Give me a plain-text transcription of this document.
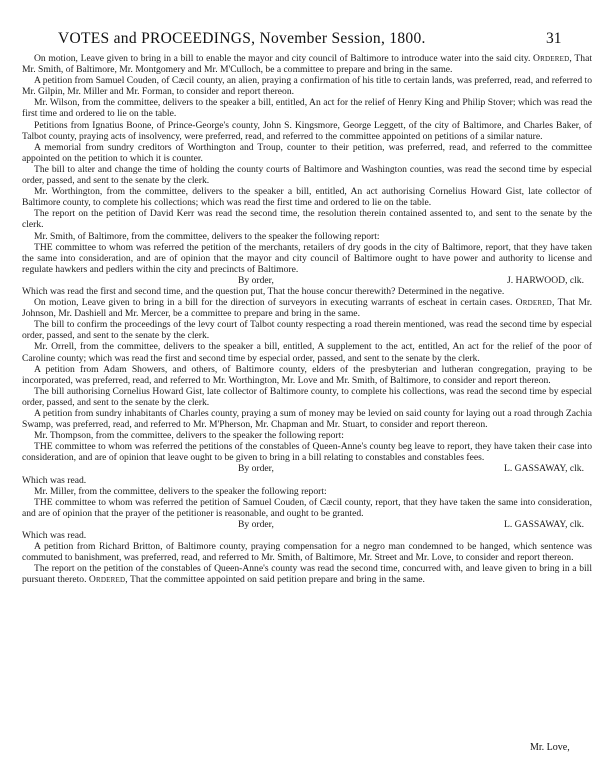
VOTES and PROCEEDINGS, November Session, 1800.	31

On motion, Leave given to bring in a bill to enable the mayor and city council of Baltimore to introduce water into the said city. Ordered, That Mr. Smith, of Baltimore, Mr. Montgomery and Mr. M'Culloch, be a committee to prepare and bring in the same.

A petition from Samuel Couden, of Cæcil county, an alien, praying a confirmation of his title to certain lands, was preferred, read, and referred to Mr. Gilpin, Mr. Miller and Mr. Forman, to consider and report thereon.

Mr. Wilson, from the committee, delivers to the speaker a bill, entitled, An act for the relief of Henry King and Philip Stover; which was read the first time and ordered to lie on the table.

Petitions from Ignatius Boone, of Prince-George's county, John S. Kingsmore, George Leggett, of the city of Baltimore, and Charles Baker, of Talbot county, praying acts of insolvency, were preferred, read, and referred to the committee appointed on petitions of a similar nature.

A memorial from sundry creditors of Worthington and Troup, counter to their petition, was preferred, read, and referred to the committee appointed on the petition to which it is counter.

The bill to alter and change the time of holding the county courts of Baltimore and Washington counties, was read the second time by especial order, passed, and sent to the senate by the clerk.

Mr. Worthington, from the committee, delivers to the speaker a bill, entitled, An act authorising Cornelius Howard Gist, late collector of Baltimore county, to complete his collections; which was read the first time and ordered to lie on the table.

The report on the petition of David Kerr was read the second time, the resolution therein contained assented to, and sent to the senate by the clerk.

Mr. Smith, of Baltimore, from the committee, delivers to the speaker the following report:

THE committee to whom was referred the petition of the merchants, retailers of dry goods in the city of Baltimore, report, that they have taken the same into consideration, and are of opinion that the mayor and city council of Baltimore ought to have power and authority to license and regulate hawkers and pedlers within the city and precincts of Baltimore.

By order,	J. HARWOOD, clk.

Which was read the first and second time, and the question put, That the house concur therewith? Determined in the negative.

On motion, Leave given to bring in a bill for the direction of surveyors in executing warrants of escheat in certain cases. Ordered, That Mr. Johnson, Mr. Dashiell and Mr. Mercer, be a committee to prepare and bring in the same.

The bill to confirm the proceedings of the levy court of Talbot county respecting a road therein mentioned, was read the second time by especial order, passed, and sent to the senate by the clerk.

Mr. Orrell, from the committee, delivers to the speaker a bill, entitled, A supplement to the act, entitled, An act for the relief of the poor of Caroline county; which was read the first and second time by especial order, passed, and sent to the senate by the clerk.

A petition from Adam Showers, and others, of Baltimore county, elders of the presbyterian and lutheran congregation, praying to be incorporated, was preferred, read, and referred to Mr. Worthington, Mr. Love and Mr. Smith, of Baltimore, to consider and report thereon.

The bill authorising Cornelius Howard Gist, late collector of Baltimore county, to complete his collections, was read the second time by especial order, passed, and sent to the senate by the clerk.

A petition from sundry inhabitants of Charles county, praying a sum of money may be levied on said county for laying out a road through Zachia Swamp, was preferred, read, and referred to Mr. M'Pherson, Mr. Chapman and Mr. Stuart, to consider and report thereon.

Mr. Thompson, from the committee, delivers to the speaker the following report:

THE committee to whom was referred the petitions of the constables of Queen-Anne's county beg leave to report, they have taken their case into consideration, and are of opinion that leave ought to be given to bring in a bill relating to constables and constables fees.

By order,	L. GASSAWAY, clk.

Which was read.

Mr. Miller, from the committee, delivers to the speaker the following report:

THE committee to whom was referred the petition of Samuel Couden, of Cæcil county, report, that they have taken the same into consideration, and are of opinion that the prayer of the petitioner is reasonable, and ought to be granted.

By order,	L. GASSAWAY, clk.

Which was read.

A petition from Richard Britton, of Baltimore county, praying compensation for a negro man condemned to be hanged, which sentence was commuted to banishment, was preferred, read, and referred to Mr. Smith, of Baltimore, Mr. Street and Mr. Love, to consider and report thereon.

The report on the petition of the constables of Queen-Anne's county was read the second time, concurred with, and leave given to bring in a bill pursuant thereto. Ordered, That the committee appointed on said petition prepare and bring in the same.

Mr. Love,
